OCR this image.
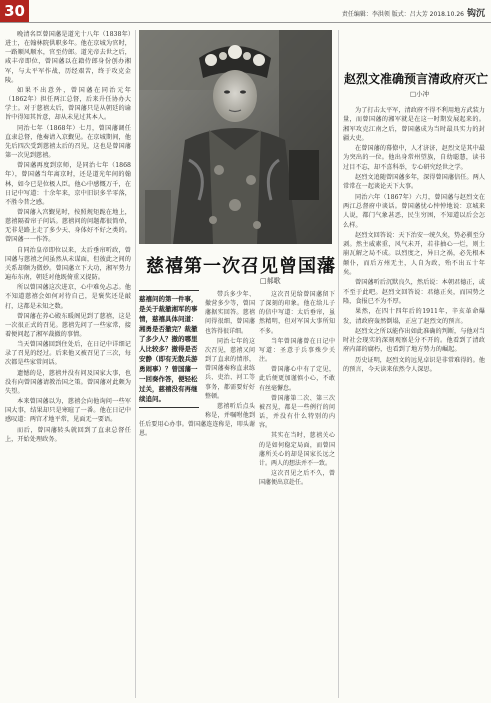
30	责任编辑：李洪领 版式：吕大芳 2018.10.26 钩沉

晚清名臣曾国藩是道光十八年（1838年）进士，在翰林院供职多年。他在京城为官时，一路顺风顺水，官至侍郎。道光帝去世之后，咸丰帝即位，曾国藩以在籍侍郎身份创办湘军，与太平军作战，历经艰苦，终于攻克金陵。

如果不出意外，曾国藩在同治元年（1862年）担任两江总督，后来升任协办大学士。对于慈禧太后，曾国藩只是从朝廷的谕旨中得知其旨意，却从未见过其本人。

同治七年（1868年）七月，曾国藩调任直隶总督，他奏请入京觐见。在京城期间，他先后四次受到慈禧太后的召见，这也是曾国藩第一次见到慈禧。

曾国藩再度到京师，是同治七年（1868年），曾国藩当年离京时，还是道光年间的翰林，如今已是位极人臣。他心中感慨万千，在日记中写道：十余年来，京中旧识多半零落，不胜今昔之感。

曾国藩入宫觐见时，按照规矩跪在地上，慈禧隔着帘子问话。慈禧问的问题都很简单，无非是路上走了多少天、身体好不好之类的。曾国藩一一作答。

自同治皇帝即位以来，太后垂帘听政，曾国藩与慈禧之间虽然从未谋面，但彼此之间的关系却颇为微妙。曾国藩立下大功，湘军势力遍布东南，朝廷对他既倚重又提防。

所以曾国藩这次进京，心中难免忐忑。他不知道慈禧会如何对待自己，是褒奖还是敲打，这都是未知之数。

曾国藩在养心殿东暖阁见到了慈禧，这是一次很正式的召见。慈禧先问了一些家常，接着便问起了湘军裁撤的事情。

当天曾国藩回到住处后，在日记中详细记录了召见的经过。后来他又被召见了三次，每次都是些家常问话。

遗憾的是，慈禧并没有问及国家大事，也没有向曾国藩请教治国之策。曾国藩对此颇为失望。

本来曾国藩以为，慈禧会向他询问一些军国大事，结果却只是寒暄了一番。他在日记中感叹道：两宫才地平常，见面无一要语。

而后，曾国藩转头就回到了直隶总督任上，开始处理政务。

慈禧第一次召见曾国藩
□郝歌
慈禧问的第一件事，是关于裁撤湘军的事情，慈禧具体问道：湘勇是否撤完？裁撤了多少人？撤的哪里人比较多？撤得是否安静（即有无散兵游勇闹事）？曾国藩一一回奏作答，便轻松过关，慈禧没有再继续追问。

带兵多少年、撤营多少等，曾国藩据实回答。慈禧问得很细，曾国藩也答得很详细。

同治七年的这次召见，慈禧又问到了直隶的情形，曾国藩奏称直隶练兵、吏治、河工等事务，都需要好好整顿。

慈禧听后点头称是，并嘱咐他到任后要用心办事。曾国藩连连称是，叩头谢恩。

这次召见给曾国藩留下了深刻的印象。他在给儿子的信中写道：太后垂帘，虽然精明，但对军国大事所知不多。

当年曾国藩曾在日记中写道：圣意于兵事殊少关注。

曾国藩心中有了定见，此后便更加谨慎小心，不敢有丝毫懈怠。

曾国藩第二次、第三次被召见，都是一些例行的问话，并没有什么特别的内容。

其实在当时，慈禧关心的是如何稳定局面，而曾国藩所关心的却是国家长远之计。两人的想法并不一致。

这次召见之后不久，曾国藩便出京赴任。

赵烈文准确预言清政府灭亡
□小冲

为了打击太平军，清政府不得不利用地方武装力量，而曾国藩的湘军就是在这一时期发展起来的。湘军攻克江南之后，曾国藩成为当时最具实力的封疆大吏。

在曾国藩的幕僚中，人才济济，赵烈文是其中最为突出的一位。他出身常州望族，自幼聪慧，读书过目不忘，却不喜科举，专心研究经世之学。

赵烈文追随曾国藩多年，深得曾国藩信任。两人常常在一起谈论天下大事。

同治六年（1867年）六月，曾国藩与赵烈文在两江总督府中谈话。曾国藩忧心忡忡地说：京城来人说，都门气象甚恶，民生穷困，不知道以后会怎么样。

赵烈文回答说：天下治安一统久矣，势必驯至分剥。然主威素重，风气未开，若非抽心一烂，则土崩瓦解之局不成。以烈度之，异日之祸，必先根本颠仆，而后方州无主，人自为政，殆不出五十年矣。

曾国藩听后沉默良久，然后说：本朝君德正，或不至于此吧。赵烈文回答说：君德正矣，而国势之隆，食报已不为不厚。

果然，在四十四年后的1911年，辛亥革命爆发，清政府轰然倒塌，正应了赵烈文的预言。

赵烈文之所以能作出如此准确的判断，与他对当时社会现实的深刻观察是分不开的。他看到了清政府内部的腐朽，也看到了地方势力的崛起。

历史证明，赵烈文的远见卓识是非常难得的。他的预言，今天读来依然令人深思。
